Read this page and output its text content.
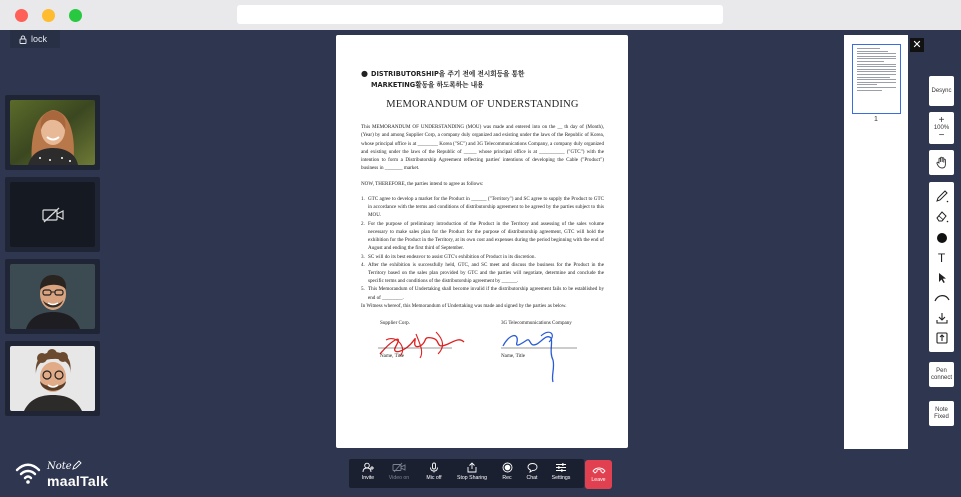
lock
● DISTRIBUTORSHIP을 주기 전에 전시회등을 통한
MARKETING활동을 하도록하는 내용
MEMORANDUM OF UNDERSTANDING
This MEMORANDUM OF UNDERSTANDING (MOU) was made and entered into on the __ th day of (Month), (Year) by and among Supplier Corp, a company duly organized and existing under the laws of the Republic of Korea, whose principal office is at ________ Korea ("SC") and 3G Telecommunications Company, a company duly organized and existing under the laws of the Republic of _____ whose principal office is at __________ ("GTC") with the intention to form a Distributorship Agreement reflecting parties' intentions of developing the Cable ("Product") business in _______ market.
NOW, THEREFORE, the parties intend to agree as follows:
1. GTC agree to develop a market for the Product in ______ ("Territory") and SC agree to supply the Product to GTC in accordance with the terms and conditions of distributorship agreement to be agreed by the parties subject to this MOU.
2. For the purpose of preliminary introduction of the Product in the Territory and assessing of the sales volume necessary to make sales plan for the Product for the purpose of distributorship agreement, GTC will hold the exhibition for the Product in the Territory, at its own cost and expenses during the period beginning with the end of August and ending the first third of September.
3. SC will do its best endeavor to assist GTC's exhibition of Product in its discretion.
4. After the exhibition is successfully held, GTC, and SC meet and discuss the business for the Product in the Territory based on the sales plan provided by GTC and the parties will negotiate, determine and conclude the specific terms and conditions of the distributorship agreement by ______.
5. This Memorandum of Undertaking shall become invalid if the distributorship agreement fails to be established by end of ________.
In Witness whereof, this Memorandum of Undertaking was made and signed by the parties as below.
Supplier Corp.
Name, Title
3G Telecommunications Company
Name, Title
1
✕
Desync
+
100%
−
T
Pen connect
Note Fixed
Invite	Video on	Mic off	Stop Sharing	Rec	Chat	Settings	Leave
Note
maalTalk
